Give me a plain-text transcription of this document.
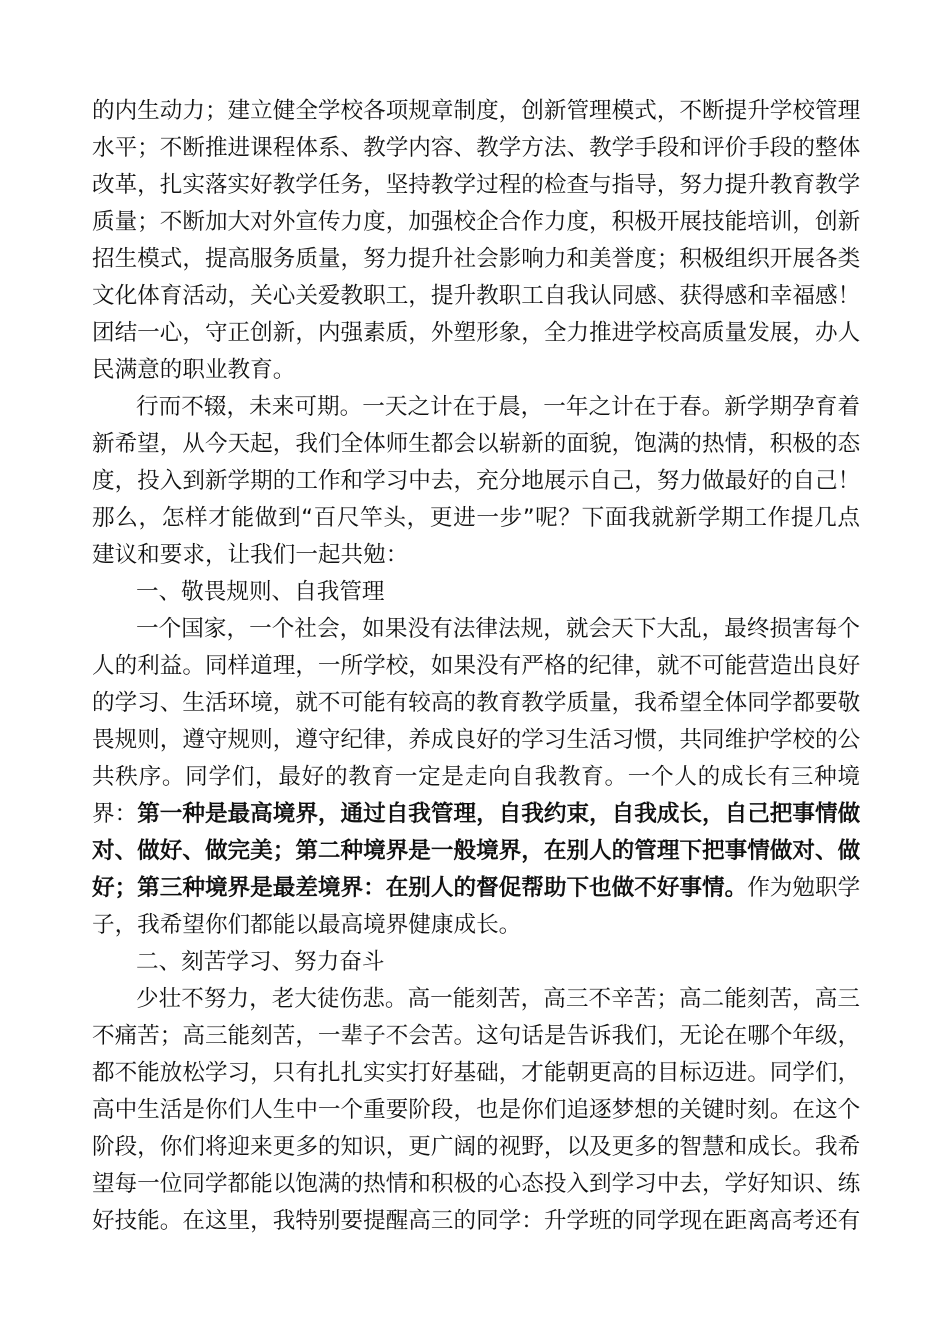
的内生动力；建立健全学校各项规章制度，创新管理模式，不断提升学校管理
水平；不断推进课程体系、教学内容、教学方法、教学手段和评价手段的整体
改革，扎实落实好教学任务，坚持教学过程的检查与指导，努力提升教育教学
质量；不断加大对外宣传力度，加强校企合作力度，积极开展技能培训，创新
招生模式，提高服务质量，努力提升社会影响力和美誉度；积极组织开展各类
文化体育活动，关心关爱教职工，提升教职工自我认同感、获得感和幸福感！
团结一心，守正创新，内强素质，外塑形象，全力推进学校高质量发展，办人
民满意的职业教育。
行而不辍，未来可期。一天之计在于晨，一年之计在于春。新学期孕育着
新希望，从今天起，我们全体师生都会以崭新的面貌，饱满的热情，积极的态
度，投入到新学期的工作和学习中去，充分地展示自己，努力做最好的自己！
那么，怎样才能做到“百尺竿头，更进一步”呢？下面我就新学期工作提几点
建议和要求，让我们一起共勉：
一、敬畏规则、自我管理
一个国家，一个社会，如果没有法律法规，就会天下大乱，最终损害每个
人的利益。同样道理，一所学校，如果没有严格的纪律，就不可能营造出良好
的学习、生活环境，就不可能有较高的教育教学质量，我希望全体同学都要敬
畏规则，遵守规则，遵守纪律，养成良好的学习生活习惯，共同维护学校的公
共秩序。同学们，最好的教育一定是走向自我教育。一个人的成长有三种境
界：第一种是最高境界，通过自我管理，自我约束，自我成长，自己把事情做
对、做好、做完美；第二种境界是一般境界，在别人的管理下把事情做对、做
好；第三种境界是最差境界：在别人的督促帮助下也做不好事情。作为勉职学
子，我希望你们都能以最高境界健康成长。
二、刻苦学习、努力奋斗
少壮不努力，老大徒伤悲。高一能刻苦，高三不辛苦；高二能刻苦，高三
不痛苦；高三能刻苦，一辈子不会苦。这句话是告诉我们，无论在哪个年级，
都不能放松学习，只有扎扎实实打好基础，才能朝更高的目标迈进。同学们，
高中生活是你们人生中一个重要阶段，也是你们追逐梦想的关键时刻。在这个
阶段，你们将迎来更多的知识，更广阔的视野，以及更多的智慧和成长。我希
望每一位同学都能以饱满的热情和积极的心态投入到学习中去，学好知识、练
好技能。在这里，我特别要提醒高三的同学：升学班的同学现在距离高考还有
